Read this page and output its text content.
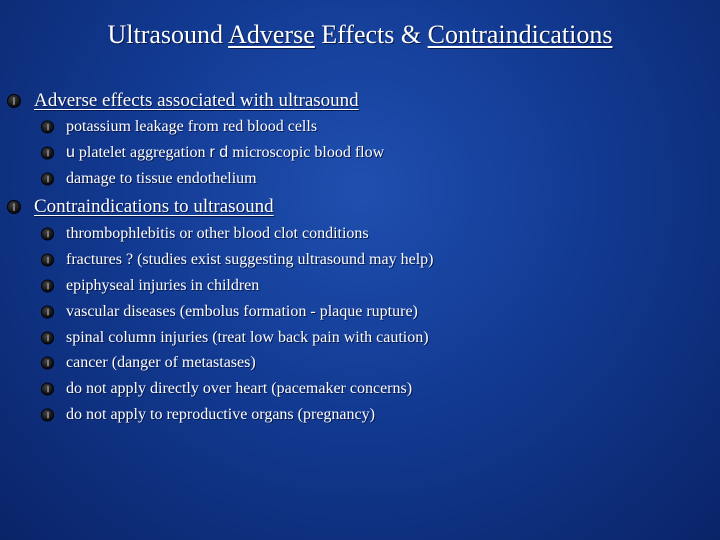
Ultrasound Adverse Effects & Contraindications
Adverse effects associated with ultrasound
potassium leakage from red blood cells
u platelet aggregation r d microscopic blood flow
damage to tissue endothelium
Contraindications to ultrasound
thrombophlebitis or other blood clot conditions
fractures ? (studies exist suggesting ultrasound may help)
epiphyseal injuries in children
vascular diseases (embolus formation - plaque rupture)
spinal column injuries (treat low back pain with caution)
cancer (danger of metastases)
do not apply directly over heart (pacemaker concerns)
do not apply to reproductive organs (pregnancy)
